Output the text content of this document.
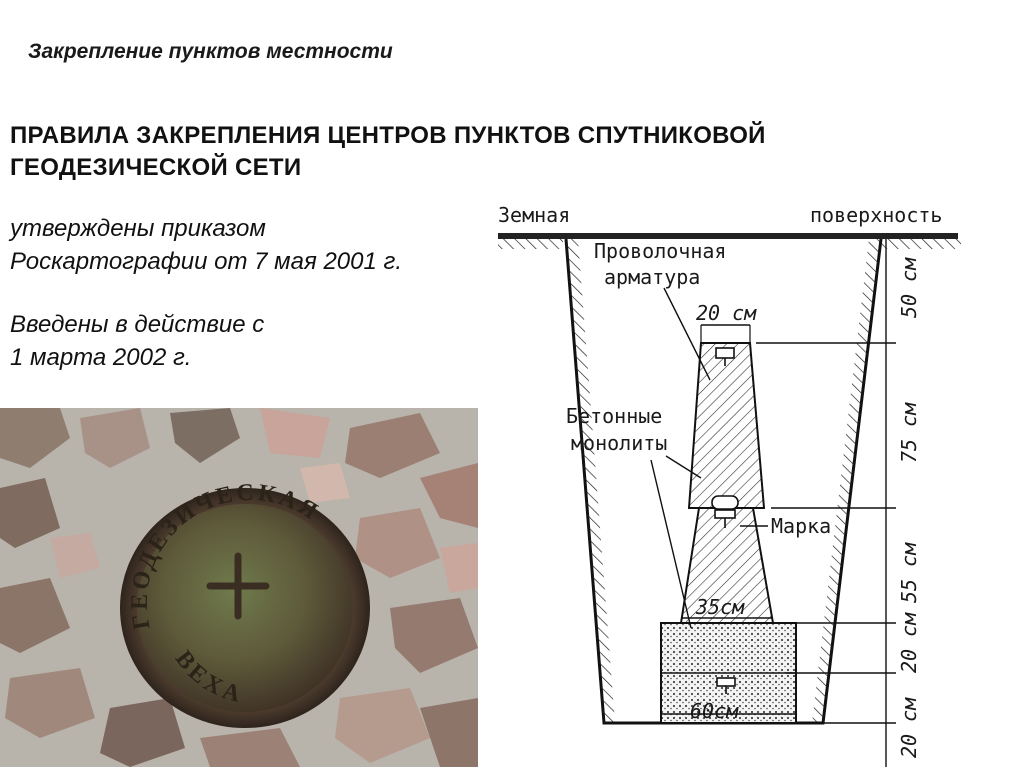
Закрепление пунктов местности
ПРАВИЛА ЗАКРЕПЛЕНИЯ ЦЕНТРОВ ПУНКТОВ СПУТНИКОВОЙ
ГЕОДЕЗИЧЕСКОЙ СЕТИ
утверждены приказом
Роскартографии от 7 мая 2001 г.
Введены в действие с
1 марта 2002 г.
ГЕОДЕЗИЧЕСКАЯ
ВЕХА
Земная	поверхность
Проволочная
арматура
20 см
Бетонные
монолиты
Марка
35см
60см
50 см
75 см
55 см
20 см
20 см
